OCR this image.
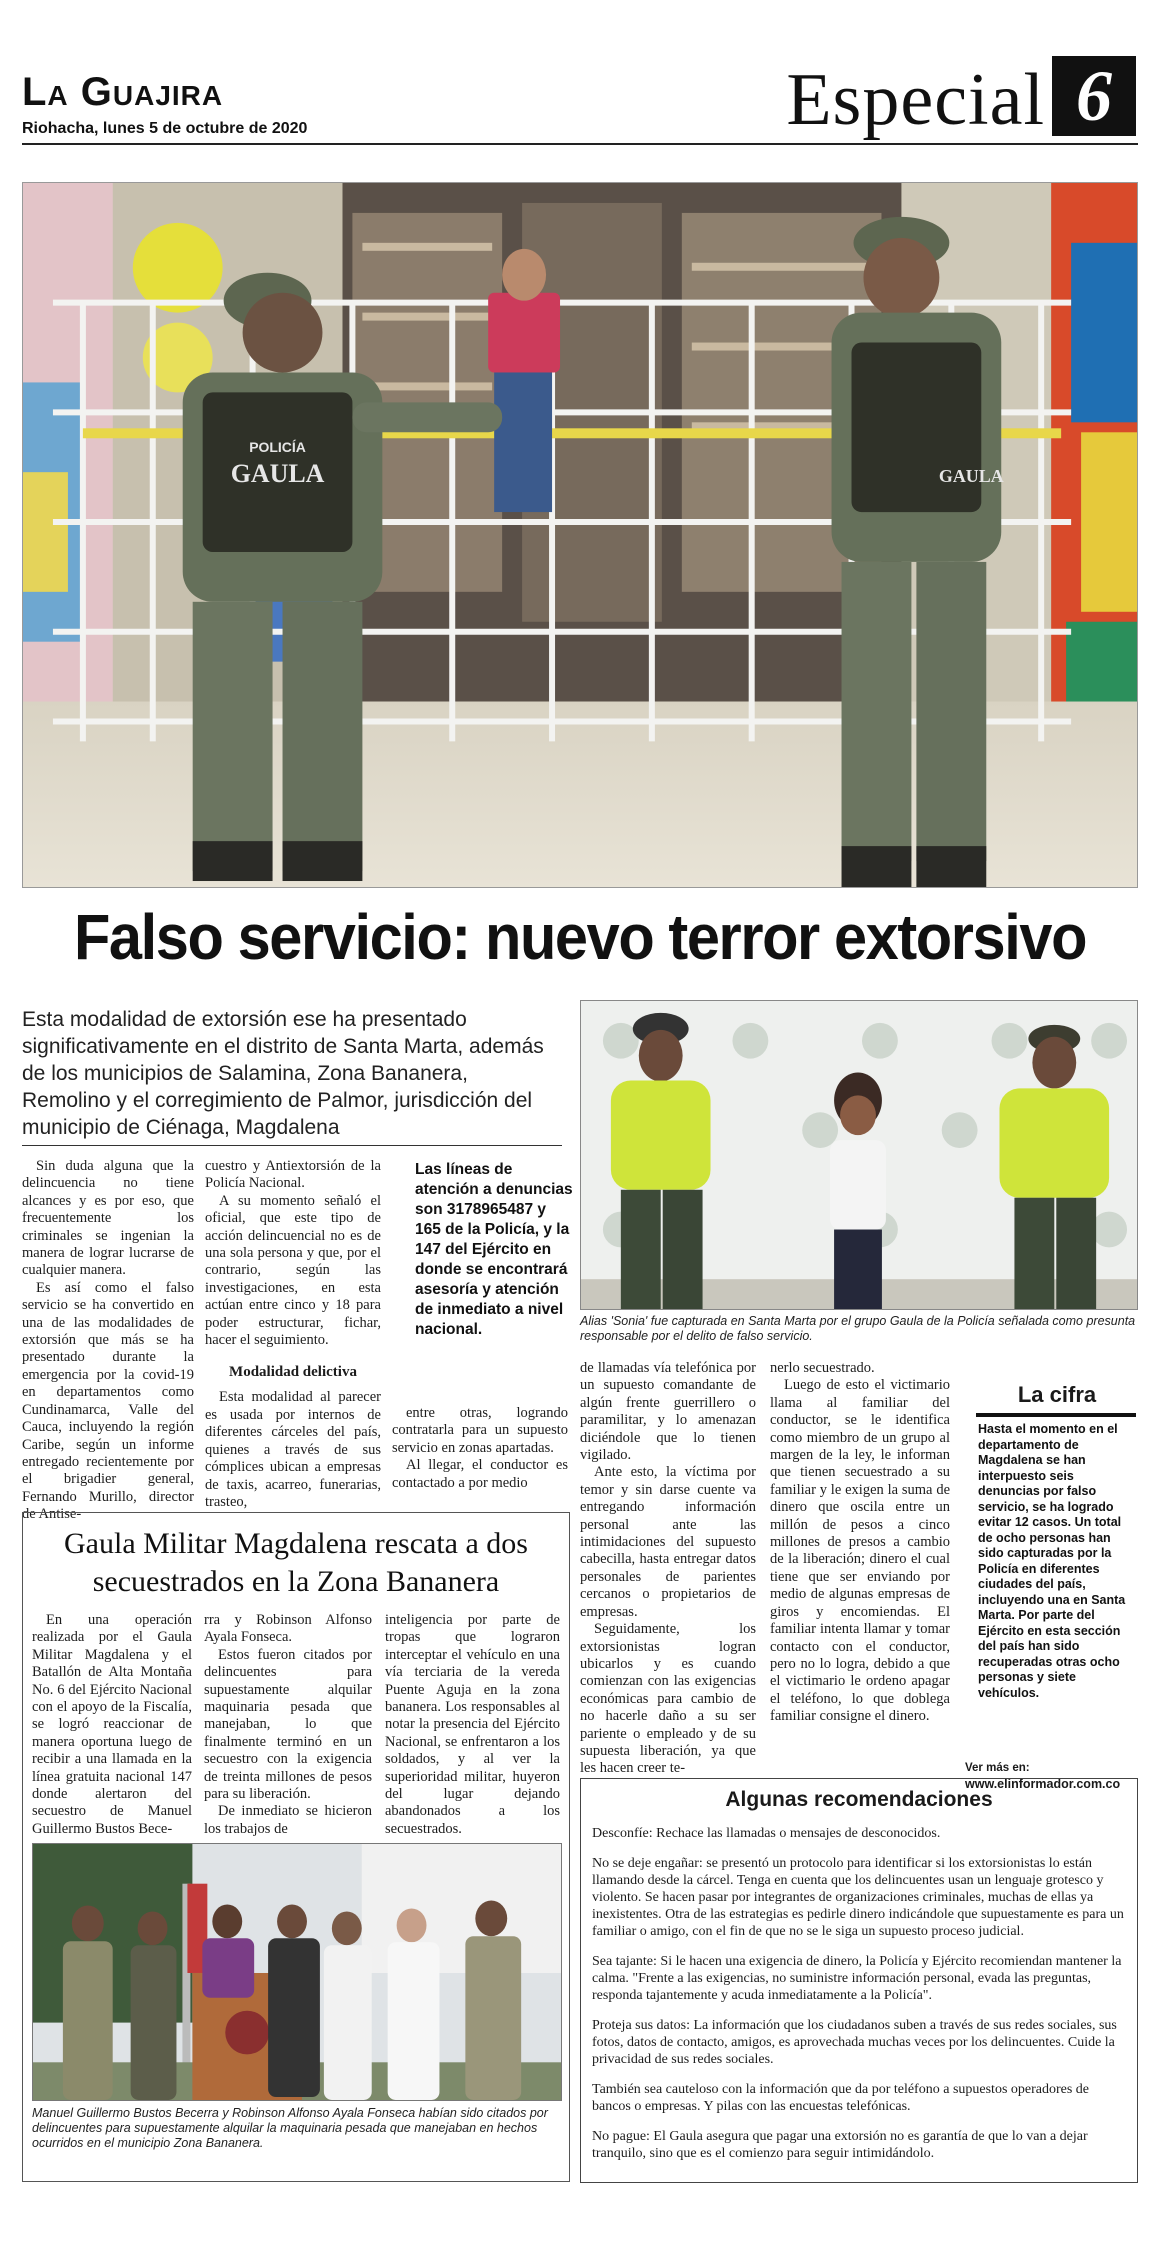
La Guajira
Riohacha, lunes 5 de octubre de 2020	Especial 6
POLICÍA
GAULA	GAULA
Falso servicio: nuevo terror extorsivo
Esta modalidad de extorsión ese ha presentado significativamente en el distrito de Santa Marta, además de los municipios de Salamina, Zona Bananera, Remolino y el corregimiento de Palmor, jurisdicción del municipio de Ciénaga, Magdalena

Sin duda alguna que la delincuencia no tiene alcances y es por eso, que frecuentemente los criminales se ingenian la manera de lograr lucrarse de cualquier manera.

Es así como el falso servicio se ha convertido en una de las modalidades de extorsión que más se ha presentado durante la emergencia por la covid-19 en departamentos como Cundinamarca, Valle del Cauca, incluyendo la región Caribe, según un informe entregado recientemente por el brigadier general, Fernando Murillo, director de Antise-

cuestro y Antiextorsión de la Policía Nacional.

A su momento señaló el oficial, que este tipo de acción delincuencial no es de una sola persona y que, por el contrario, según las investigaciones, en esta actúan entre cinco y 18 para poder estructurar, fichar, hacer el seguimiento.

Modalidad delictiva

Esta modalidad al parecer es usada por internos de diferentes cárceles del país, quienes a través de sus cómplices ubican a empresas de taxis, acarreo, funerarias, trasteo,

Las líneas de atención a denuncias son 3178965487 y 165 de la Policía, y la 147 del Ejército en donde se encontrará asesoría y atención de inmediato a nivel nacional.

entre otras, logrando contratarla para un supuesto servicio en zonas apartadas.

Al llegar, el conductor es contactado a por medio

Alias 'Sonia' fue capturada en Santa Marta por el grupo Gaula de la Policía señalada como presunta responsable por el delito de falso servicio.

de llamadas vía telefónica por un supuesto comandante de algún frente guerrillero o paramilitar, y lo amenazan diciéndole que lo tienen vigilado.

Ante esto, la víctima por temor y sin darse cuente va entregando información personal ante las intimidaciones del supuesto cabecilla, hasta entregar datos personales de parientes cercanos o propietarios de empresas.

Seguidamente, los extorsionistas logran ubicarlos y es cuando comienzan con las exigencias económicas para cambio de no hacerle daño a su ser pariente o empleado y de su supuesta liberación, ya que les hacen creer te-

nerlo secuestrado.

Luego de esto el victimario llama al familiar del conductor, se le identifica como miembro de un grupo al margen de la ley, le informan que tienen secuestrado a su familiar y le exigen la suma de dinero que oscila entre un millón de pesos a cinco millones de presos a cambio de la liberación; dinero el cual tiene que ser enviando por medio de algunas empresas de giros y encomiendas. El familiar intenta llamar y tomar contacto con el conductor, pero no lo logra, debido a que el victimario le ordeno apagar el teléfono, lo que doblega familiar consigne el dinero.

La cifra
Hasta el momento en el departamento de Magdalena se han interpuesto seis denuncias por falso servicio, se ha logrado evitar 12 casos. Un total de ocho personas han sido capturadas por la Policía en diferentes ciudades del país, incluyendo una en Santa Marta. Por parte del Ejército en esta sección del país han sido recuperadas otras ocho personas y siete vehículos.
Ver más en:
www.elinformador.com.co
Gaula Militar Magdalena rescata a dos secuestrados en la Zona Bananera

En una operación realizada por el Gaula Militar Magdalena y el Batallón de Alta Montaña No. 6 del Ejército Nacional con el apoyo de la Fiscalía, se logró reaccionar de manera oportuna luego de recibir a una llamada en la línea gratuita nacional 147 donde alertaron del secuestro de Manuel Guillermo Bustos Bece-

rra y Robinson Alfonso Ayala Fonseca.

Estos fueron citados por delincuentes para supuestamente alquilar maquinaria pesada que manejaban, lo que finalmente terminó en un secuestro con la exigencia de treinta millones de pesos para su liberación.

De inmediato se hicieron los trabajos de

inteligencia por parte de tropas que lograron interceptar el vehículo en una vía terciaria de la vereda Puente Aguja en la zona bananera. Los responsables al notar la presencia del Ejército Nacional, se enfrentaron a los soldados, y al ver la superioridad militar, huyeron del lugar dejando abandonados a los secuestrados.

Manuel Guillermo Bustos Becerra y Robinson Alfonso Ayala Fonseca habían sido citados por delincuentes para supuestamente alquilar la maquinaria pesada que manejaban en hechos ocurridos en el municipio Zona Bananera.
Algunas recomendaciones

Desconfíe: Rechace las llamadas o mensajes de desconocidos.

No se deje engañar: se presentó un protocolo para identificar si los extorsionistas lo están llamando desde la cárcel. Tenga en cuenta que los delincuentes usan un lenguaje grotesco y violento. Se hacen pasar por integrantes de organizaciones criminales, muchas de ellas ya inexistentes. Otra de las estrategias es pedirle dinero indicándole que supuestamente es para un familiar o amigo, con el fin de que no se le siga un supuesto proceso judicial.

Sea tajante: Si le hacen una exigencia de dinero, la Policía y Ejército recomiendan mantener la calma. "Frente a las exigencias, no suministre información personal, evada las preguntas, responda tajantemente y acuda inmediatamente a la Policía".

Proteja sus datos: La información que los ciudadanos suben a través de sus redes sociales, sus fotos, datos de contacto, amigos, es aprovechada muchas veces por los delincuentes. Cuide la privacidad de sus redes sociales.

También sea cauteloso con la información que da por teléfono a supuestos operadores de bancos o empresas. Y pilas con las encuestas telefónicas.

No pague: El Gaula asegura que pagar una extorsión no es garantía de que lo van a dejar tranquilo, sino que es el comienzo para seguir intimidándolo.
